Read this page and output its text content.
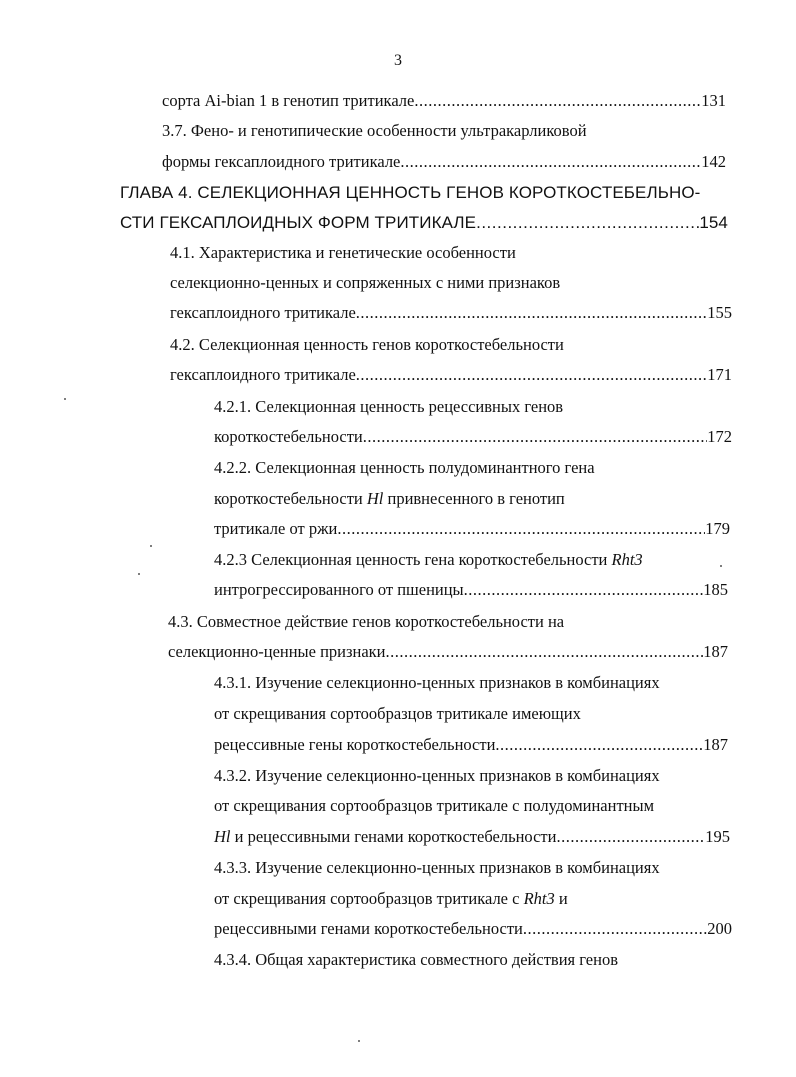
3
сорта Ai-bian 1 в генотип тритикале .....	131
3.7. Фено- и генотипические особенности ультракарликовой
формы гексаплоидного тритикале .....	142
ГЛАВА 4. СЕЛЕКЦИОННАЯ ЦЕННОСТЬ ГЕНОВ КОРОТКОСТЕБЕЛЬНО-
СТИ ГЕКСАПЛОИДНЫХ ФОРМ ТРИТИКАЛЕ .....	154
4.1. Характеристика и генетические особенности
селекционно-ценных и сопряженных с ними признаков
гексаплоидного тритикале .....	155
4.2. Селекционная ценность генов короткостебельности
гексаплоидного тритикале .....	171
4.2.1. Селекционная ценность рецессивных генов
короткостебельности .....	172
4.2.2. Селекционная ценность полудоминантного гена
короткостебельности Hl привнесенного в генотип
тритикале от ржи .....	179
4.2.3 Селекционная ценность гена короткостебельности Rht3
интрогрессированного от пшеницы .....	185
4.3. Совместное действие генов короткостебельности на
селекционно-ценные признаки .....	187
4.3.1. Изучение селекционно-ценных признаков в комбинациях
от скрещивания сортообразцов тритикале имеющих
рецессивные гены короткостебельности .....	187
4.3.2. Изучение селекционно-ценных признаков в комбинациях
от скрещивания сортообразцов тритикале с полудоминантным
Hl и рецессивными генами короткостебельности .....	195
4.3.3. Изучение селекционно-ценных признаков в комбинациях
от скрещивания сортообразцов тритикале с Rht3 и
рецессивными генами короткостебельности .....	200
4.3.4. Общая характеристика совместного действия генов
